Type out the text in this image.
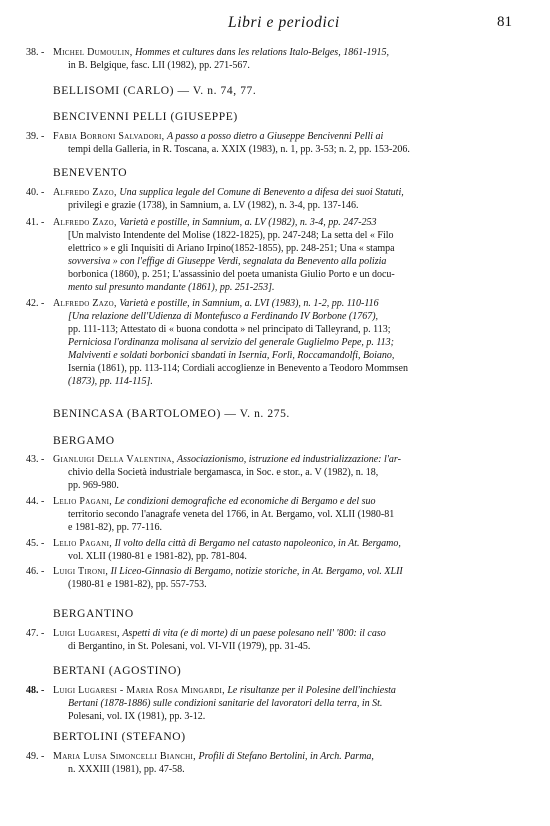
Libri e periodici	81
38. - Michel Dumoulin, Hommes et cultures dans les relations Italo-Belges, 1861-1915,
in B. Belgique, fasc. LII (1982), pp. 271-567.
BELLISOMI (CARLO) — V. n. 74, 77.
BENCIVENNI PELLI (GIUSEPPE)
39. - Fabia Borroni Salvadori, A passo a posso dietro a Giuseppe Bencivenni Pelli ai
tempi della Galleria, in R. Toscana, a. XXIX (1983), n. 1, pp. 3-53; n. 2, pp. 153-206.
BENEVENTO
40. - Alfredo Zazo, Una supplica legale del Comune di Benevento a difesa dei suoi Statuti,
privilegi e grazie (1738), in Samnium, a. LV (1982), n. 3-4, pp. 137-146.
41. - Alfredo Zazo, Varietà e postille, in Samnium, a. LV (1982), n. 3-4, pp. 247-253
[Un malvisto Intendente del Molise (1822-1825), pp. 247-248; La setta del « Filo
elettrico » e gli Inquisiti di Ariano Irpino(1852-1855), pp. 248-251; Una « stampa
sovversiva » con l'effige di Giuseppe Verdi, segnalata da Benevento alla polizia
borbonica (1860), p. 251; L'assassinio del poeta umanista Giulio Porto e un docu-
mento sul presunto mandante (1861), pp. 251-253].
42. - Alfredo Zazo, Varietà e postille, in Samnium, a. LVI (1983), n. 1-2, pp. 110-116
[Una relazione dell'Udienza di Montefusco a Ferdinando IV Borbone (1767),
pp. 111-113; Attestato di « buona condotta » nel principato di Talleyrand, p. 113;
Perniciosa l'ordinanza molisana al servizio del generale Guglielmo Pepe, p. 113;
Malviventi e soldati borbonici sbandati in Isernia, Forlì, Roccamandolfi, Boiano,
Isernia (1861), pp. 113-114; Cordiali accoglienze in Benevento a Teodoro Mommsen
(1873), pp. 114-115].
BENINCASA (BARTOLOMEO) — V. n. 275.
BERGAMO
43. - Gianluigi Della Valentina, Associazionismo, istruzione ed industrializzazione: l'ar-
chivio della Società industriale bergamasca, in Soc. e stor., a. V (1982), n. 18,
pp. 969-980.
44. - Lelio Pagani, Le condizioni demografiche ed economiche di Bergamo e del suo
territorio secondo l'anagrafe veneta del 1766, in At. Bergamo, vol. XLII (1980-81
e 1981-82), pp. 77-116.
45. - Lelio Pagani, Il volto della città di Bergamo nel catasto napoleonico, in At. Bergamo,
vol. XLII (1980-81 e 1981-82), pp. 781-804.
46. - Luigi Tironi, Il Liceo-Ginnasio di Bergamo, notizie storiche, in At. Bergamo, vol. XLII
(1980-81 e 1981-82), pp. 557-753.
BERGANTINO
47. - Luigi Lugaresi, Aspetti di vita (e di morte) di un paese polesano nell' '800: il caso
di Bergantino, in St. Polesani, vol. VI-VII (1979), pp. 31-45.
BERTANI (AGOSTINO)
48. - Luigi Lugaresi - Maria Rosa Mingardi, Le risultanze per il Polesine dell'inchiesta
Bertani (1878-1886) sulle condizioni sanitarie del lavoratori della terra, in St.
Polesani, vol. IX (1981), pp. 3-12.
BERTOLINI (STEFANO)
49. - Maria Luisa Simoncelli Bianchi, Profili di Stefano Bertolini, in Arch. Parma,
n. XXXIII (1981), pp. 47-58.
